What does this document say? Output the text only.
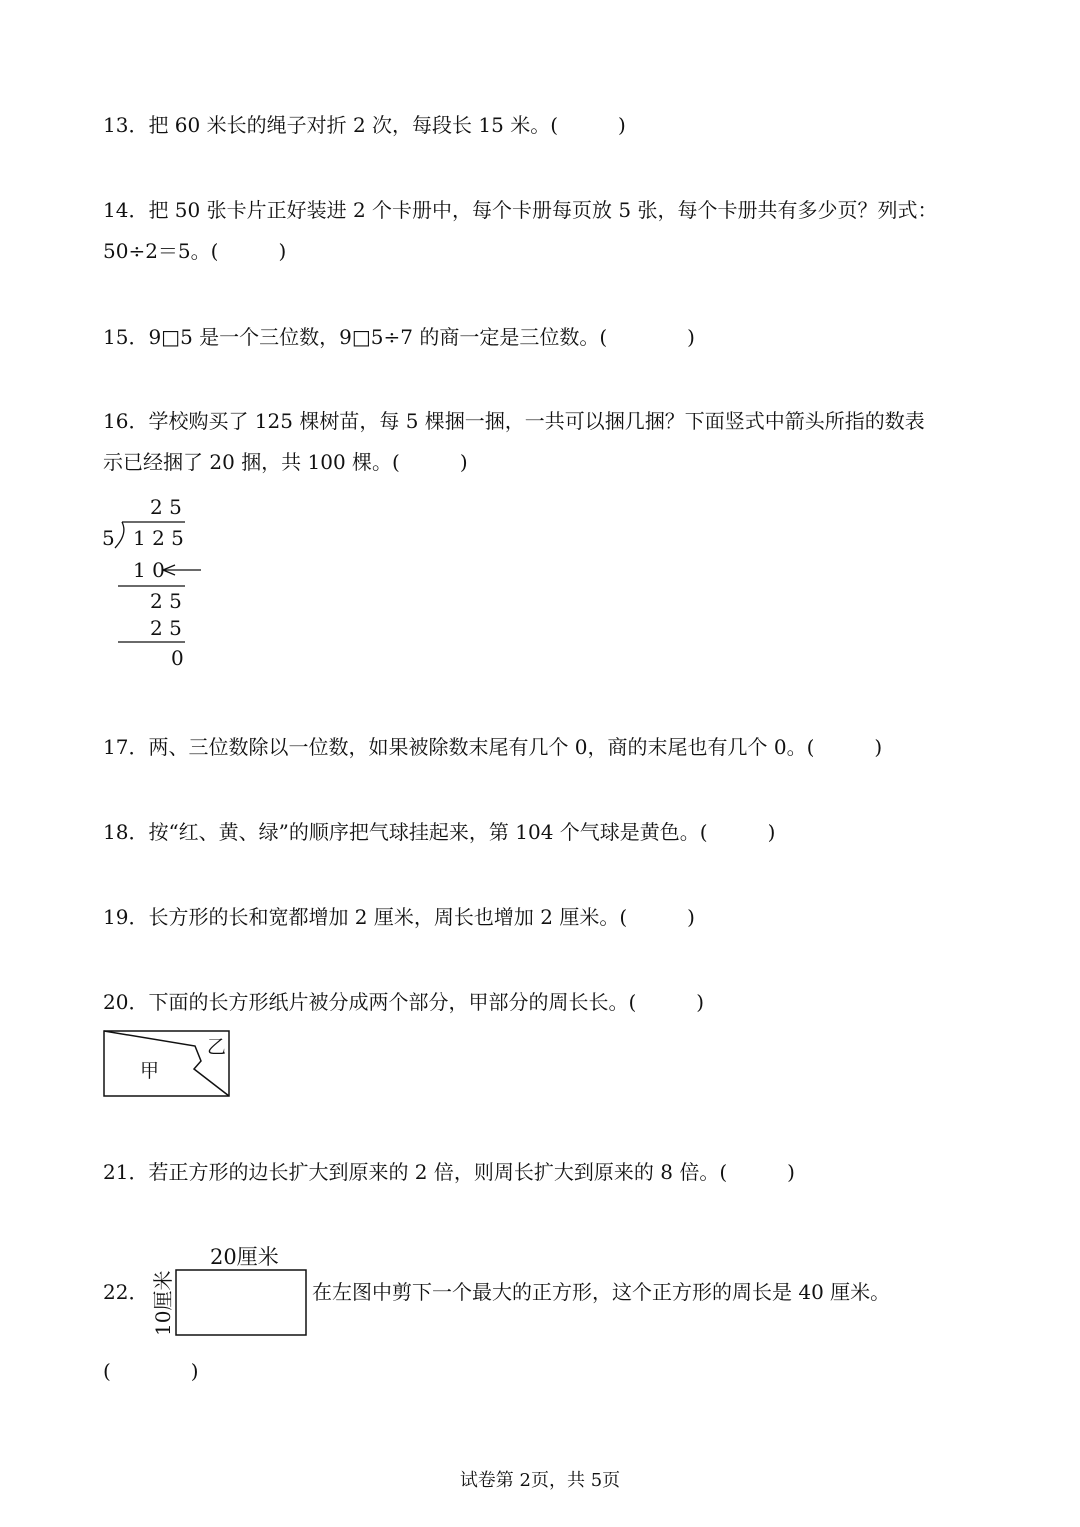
13．把 60 米长的绳子对折 2 次，每段长 15 米。(　　　)
14．把 50 张卡片正好装进 2 个卡册中，每个卡册每页放 5 张，每个卡册共有多少页？列式：
50÷2＝5。(　　　)
15．9□5 是一个三位数，9□5÷7 的商一定是三位数。(　　　　)
16．学校购买了 125 棵树苗，每 5 棵捆一捆，一共可以捆几捆？下面竖式中箭头所指的数表
示已经捆了 20 捆，共 100 棵。(　　　)
2 5
5 1 2 5
1 0
2 5
2 5
0
17．两、三位数除以一位数，如果被除数末尾有几个 0，商的末尾也有几个 0。(　　　)
18．按“红、黄、绿”的顺序把气球挂起来，第 104 个气球是黄色。(　　　)
19．长方形的长和宽都增加 2 厘米，周长也增加 2 厘米。(　　　)
20．下面的长方形纸片被分成两个部分，甲部分的周长长。(　　　)
甲
乙
21．若正方形的边长扩大到原来的 2 倍，则周长扩大到原来的 8 倍。(　　　)
22．
20厘米
10厘米	在左图中剪下一个最大的正方形，这个正方形的周长是 40 厘米。
(　　　　)
试卷第 2页，共 5页
